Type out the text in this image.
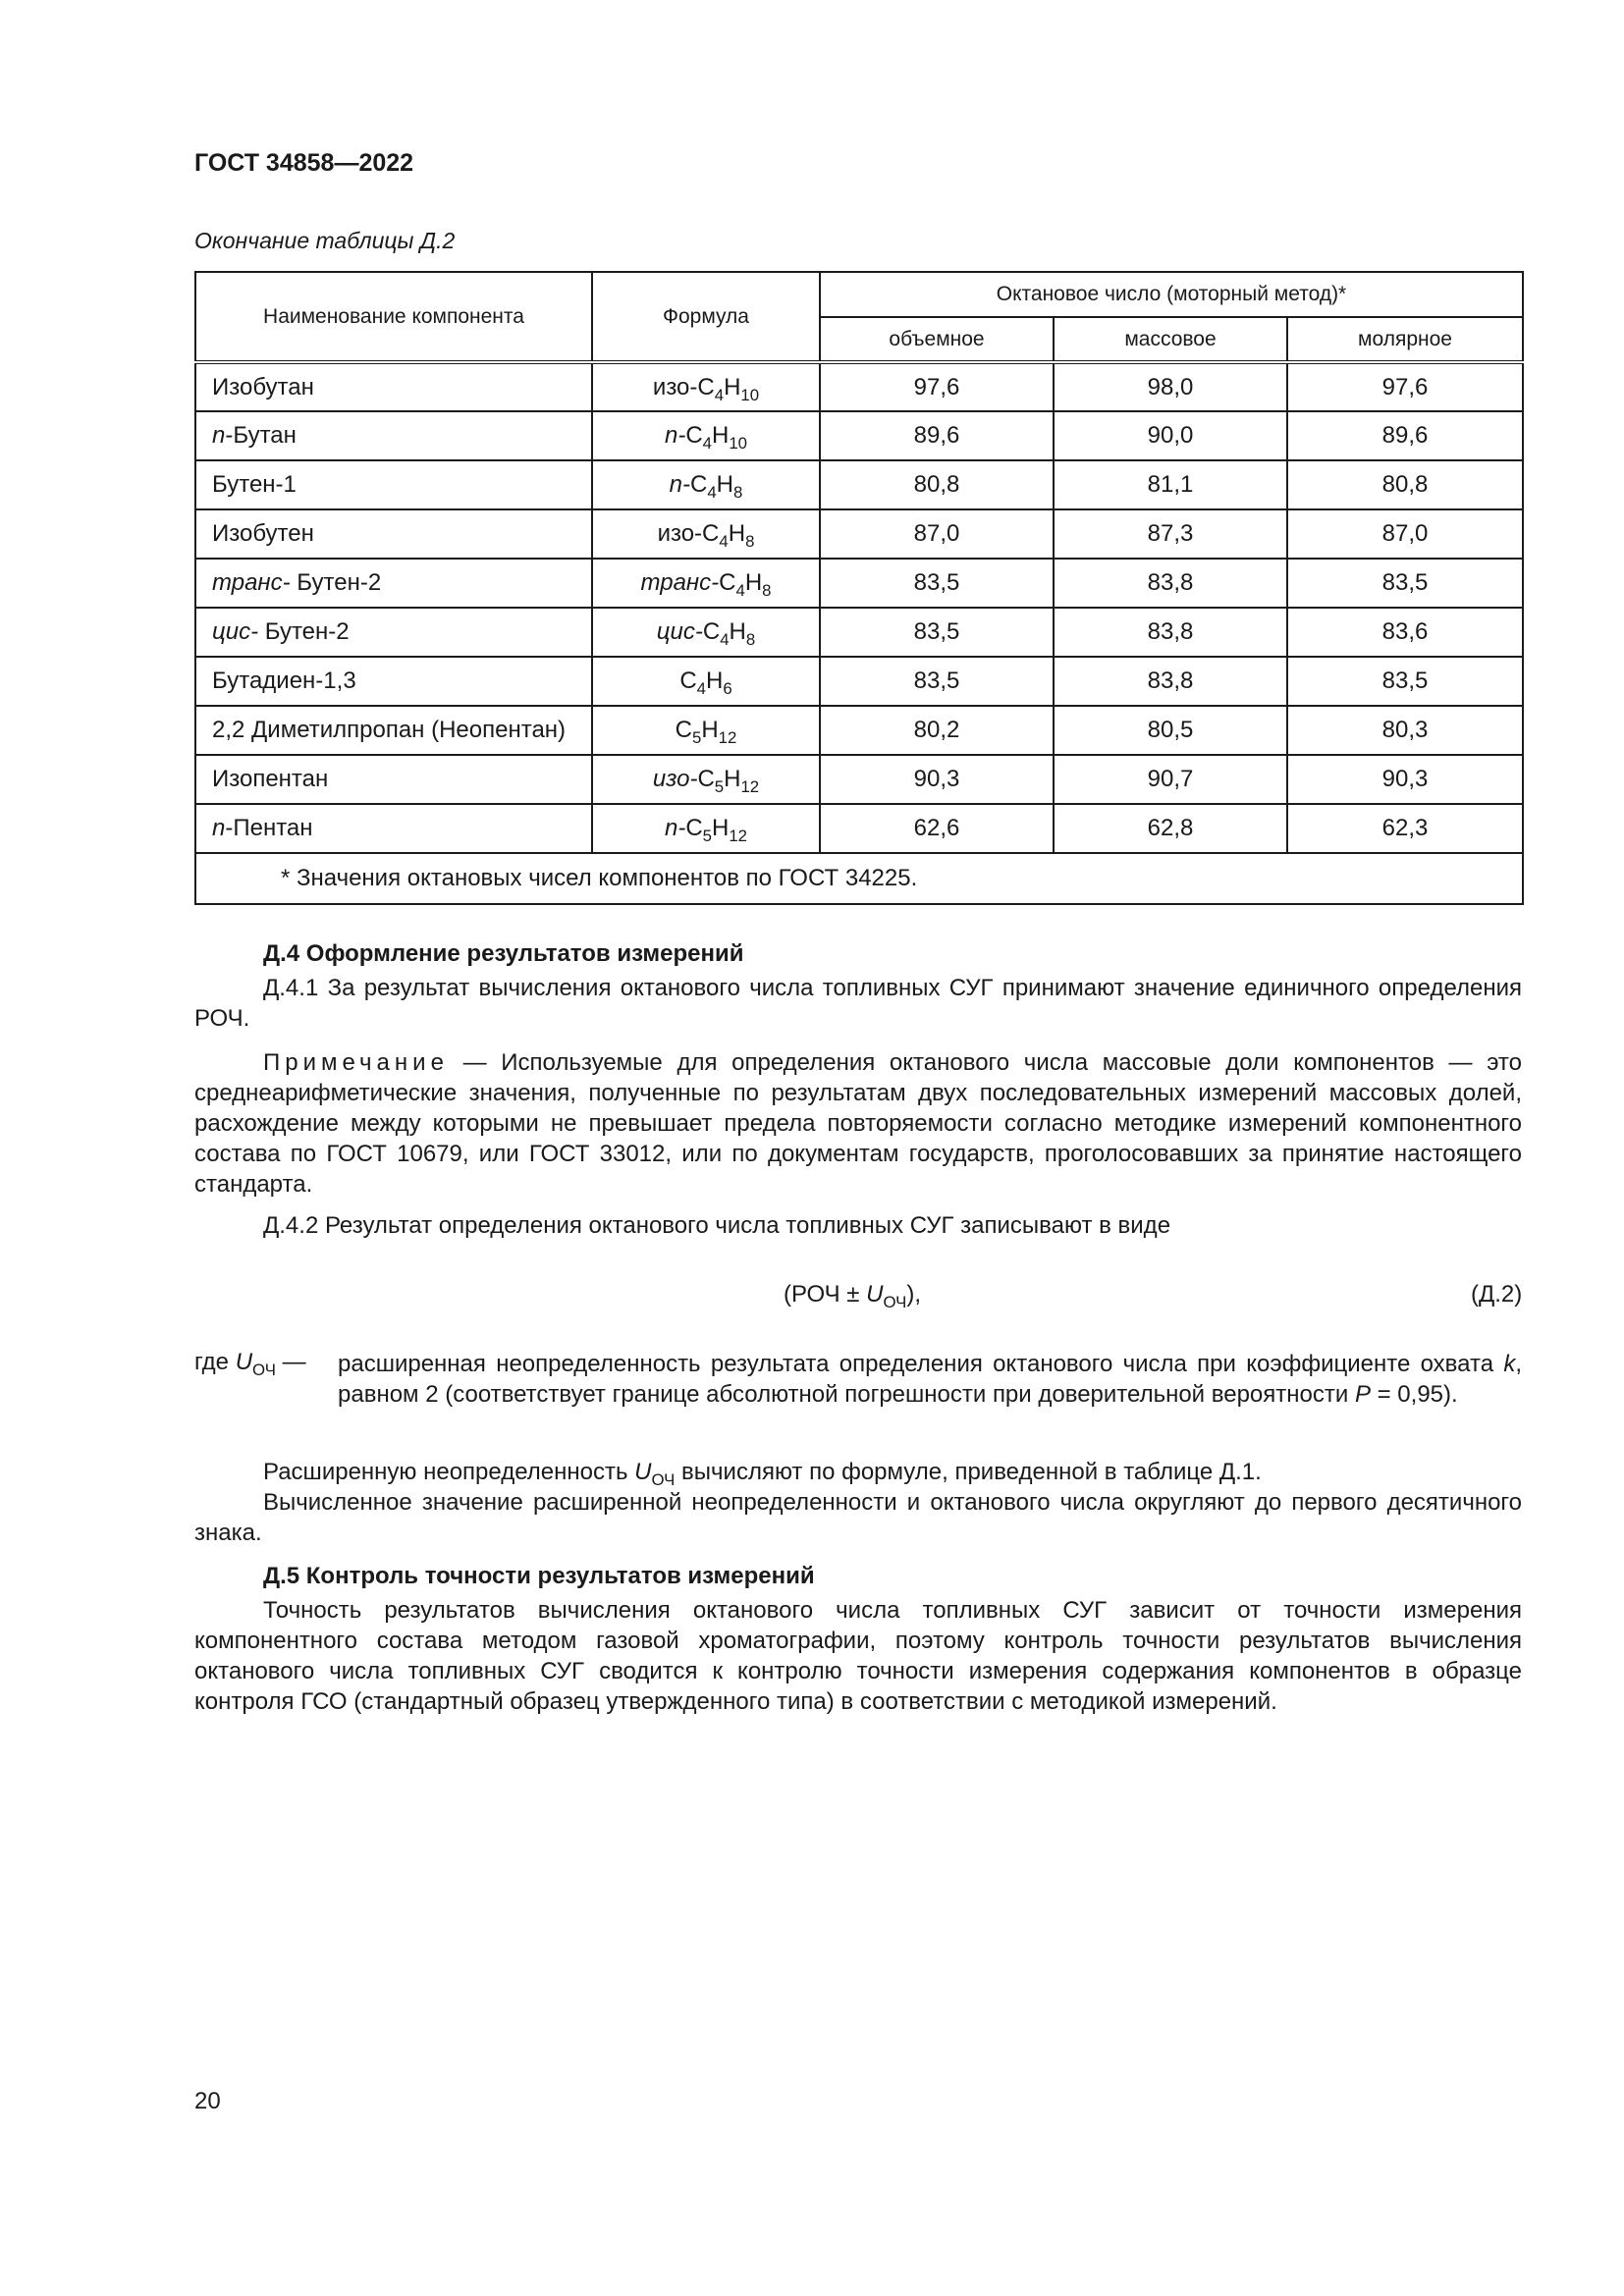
ГОСТ 34858—2022
Окончание таблицы Д.2
Наименование компонента	Формула	Октановое число (моторный метод)*		
		объемное	массовое	молярное
Изобутан	изо-$C_4H_{10}$	97,6	98,0	97,6
n-Бутан	$n-C_4H_{10}$	89,6	90,0	89,6
Бутен-1	$n-C_4H_8$	80,8	81,1	80,8
Изобутен	изо-$C_4H_8$	87,0	87,3	87,0
транс- Бутен-2	транс-$C_4H_8$	83,5	83,8	83,5
цис- Бутен-2	цис-$C_4H_8$	83,5	83,8	83,6
Бутадиен-1,3	$C_4H_6$	83,5	83,8	83,5
2,2 Диметилпропан (Неопентан)	$C_5H_{12}$	80,2	80,5	80,3
Изопентан	изо-$C_5H_{12}$	90,3	90,7	90,3
n-Пентан	$n-C_5H_{12}$	62,6	62,8	62,3
* Значения октановых чисел компонентов по ГОСТ 34225.				
Д.4 Оформление результатов измерений
Д.4.1 За результат вычисления октанового числа топливных СУГ принимают значение единичного определения РОЧ.
Примечание — Используемые для определения октанового числа массовые доли компонентов — это среднеарифметические значения, полученные по результатам двух последовательных измерений массовых долей, расхождение между которыми не превышает предела повторяемости согласно методике измерений компонентного состава по ГОСТ 10679, или ГОСТ 33012, или по документам государств, проголосовавших за принятие настоящего стандарта.
Д.4.2 Результат определения октанового числа топливных СУГ записывают в виде
$(РОЧ \pm U_{ОЧ})$,	(Д.2)
где $U_{ОЧ}$ — расширенная неопределенность результата определения октанового числа при коэффициенте охвата k, равном 2 (соответствует границе абсолютной погрешности при доверительной вероятности P = 0,95).
Расширенную неопределенность $U_{ОЧ}$ вычисляют по формуле, приведенной в таблице Д.1.
Вычисленное значение расширенной неопределенности и октанового числа округляют до первого десятичного знака.
Д.5 Контроль точности результатов измерений
Точность результатов вычисления октанового числа топливных СУГ зависит от точности измерения компонентного состава методом газовой хроматографии, поэтому контроль точности результатов вычисления октанового числа топливных СУГ сводится к контролю точности измерения содержания компонентов в образце контроля ГСО (стандартный образец утвержденного типа) в соответствии с методикой измерений.
20
